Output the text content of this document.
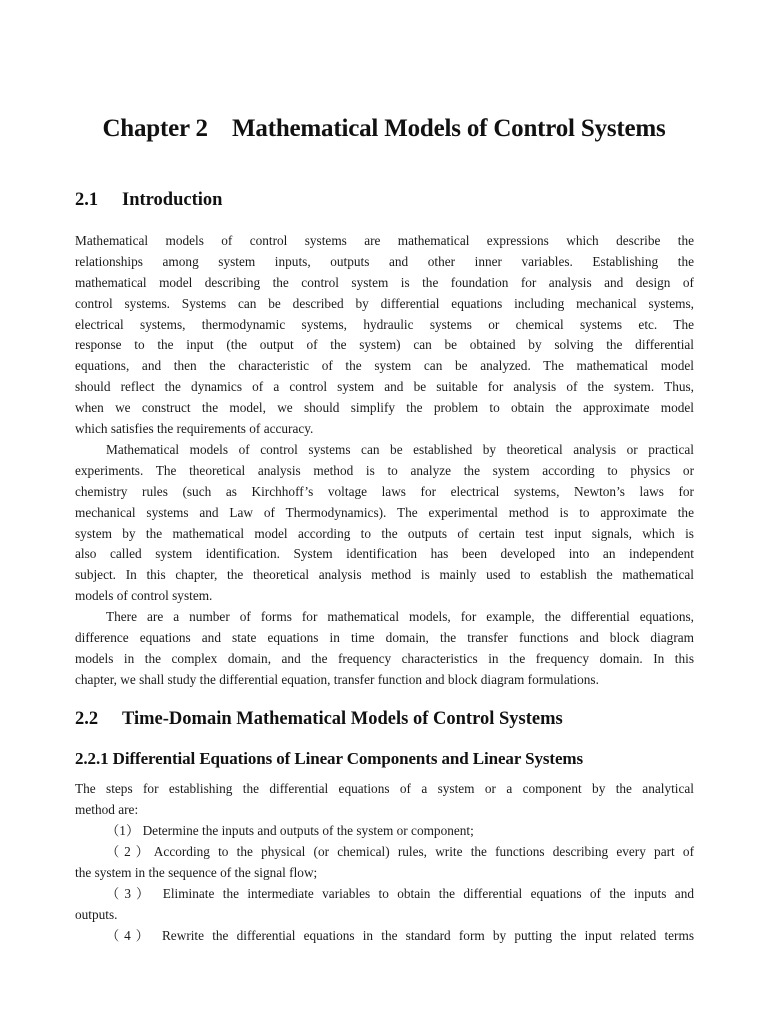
Chapter 2    Mathematical Models of Control Systems
2.1 Introduction
Mathematical models of control systems are mathematical expressions which describe the
relationships among system inputs, outputs and other inner variables. Establishing the
mathematical model describing the control system is the foundation for analysis and design of
control systems. Systems can be described by differential equations including mechanical systems,
electrical systems, thermodynamic systems, hydraulic systems or chemical systems etc. The
response to the input (the output of the system) can be obtained by solving the differential
equations, and then the characteristic of the system can be analyzed. The mathematical model
should reflect the dynamics of a control system and be suitable for analysis of the system. Thus,
when we construct the model, we should simplify the problem to obtain the approximate model
which satisfies the requirements of accuracy.
Mathematical models of control systems can be established by theoretical analysis or practical
experiments. The theoretical analysis method is to analyze the system according to physics or
chemistry rules (such as Kirchhoff’s voltage laws for electrical systems, Newton’s laws for
mechanical systems and Law of Thermodynamics). The experimental method is to approximate the
system by the mathematical model according to the outputs of certain test input signals, which is
also called system identification. System identification has been developed into an independent
subject. In this chapter, the theoretical analysis method is mainly used to establish the mathematical
models of control system.
There are a number of forms for mathematical models, for example, the differential equations,
difference equations and state equations in time domain, the transfer functions and block diagram
models in the complex domain, and the frequency characteristics in the frequency domain. In this
chapter, we shall study the differential equation, transfer function and block diagram formulations.
2.2 Time-Domain Mathematical Models of Control Systems
2.2.1 Differential Equations of Linear Components and Linear Systems
The steps for establishing the differential equations of a system or a component by the analytical
method are:
（1） Determine the inputs and outputs of the system or component;
（2）According to the physical (or chemical) rules, write the functions describing every part of
the system in the sequence of the signal flow;
（3） Eliminate the intermediate variables to obtain the differential equations of the inputs and
outputs.
（4） Rewrite the differential equations in the standard form by putting the input related terms
